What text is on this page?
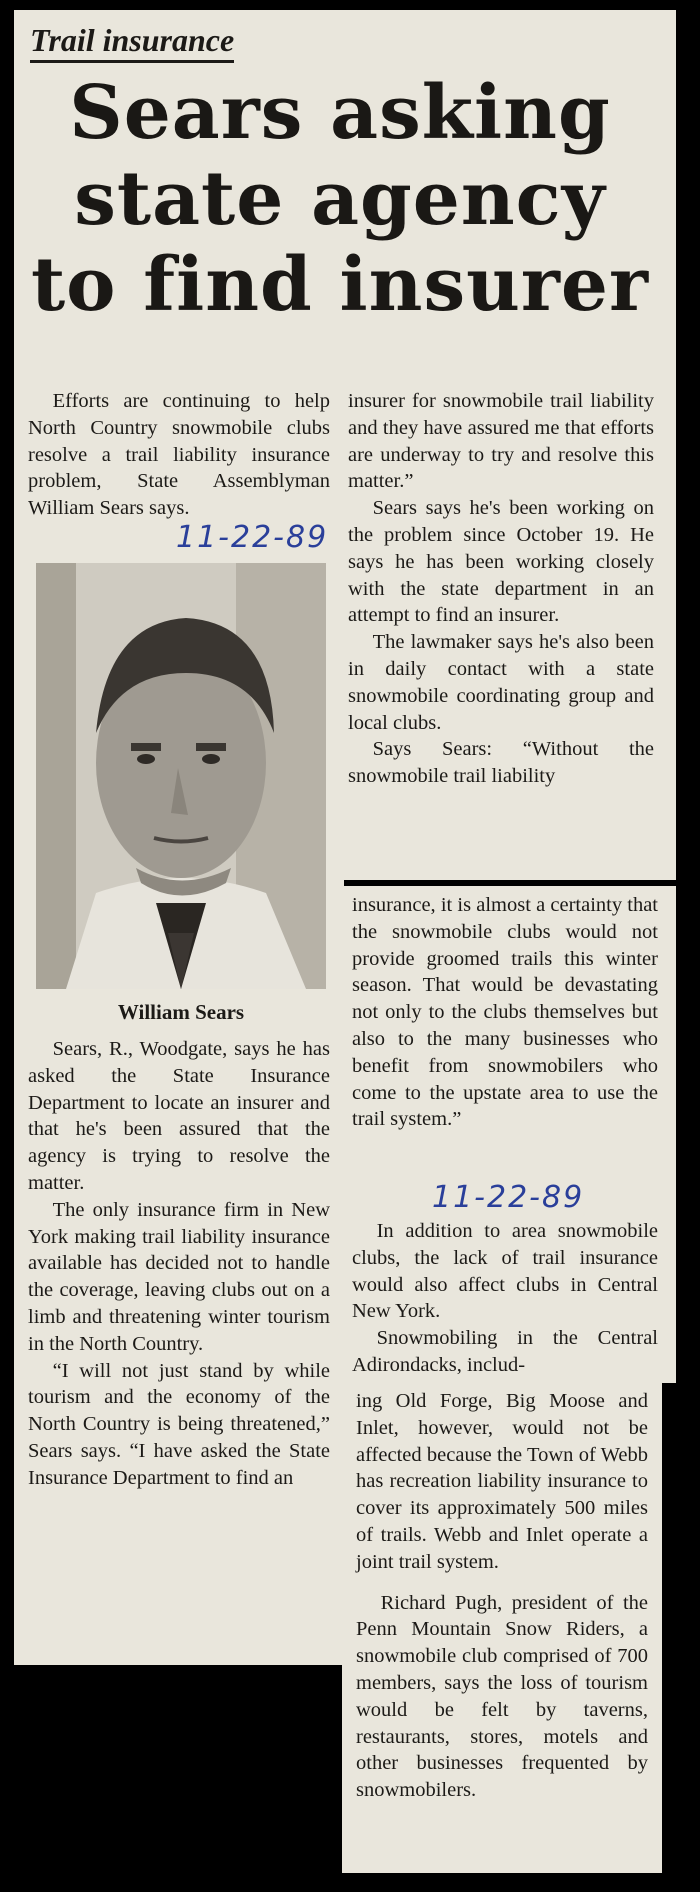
Trail insurance
Sears asking
state agency
to find insurer

Efforts are continuing to help North Country snowmobile clubs resolve a trail liability insurance problem, State Assemblyman William Sears says.

11-22-89
William Sears

Sears, R., Woodgate, says he has asked the State Insurance Department to locate an insurer and that he's been assured that the agency is trying to resolve the matter.

The only insurance firm in New York making trail liability insurance available has decided not to handle the coverage, leaving clubs out on a limb and threatening winter tourism in the North Country.

“I will not just stand by while tourism and the economy of the North Country is being threatened,” Sears says. “I have asked the State Insurance Department to find an

insurer for snowmobile trail liability and they have assured me that efforts are underway to try and resolve this matter.”

Sears says he's been working on the problem since October 19. He says he has been working closely with the state department in an attempt to find an insurer.

The lawmaker says he's also been in daily contact with a state snowmobile coordinating group and local clubs.

Says Sears: “Without the snowmobile trail liability

insurance, it is almost a certainty that the snowmobile clubs would not provide groomed trails this winter season. That would be devastating not only to the clubs themselves but also to the many businesses who benefit from snowmobilers who come to the upstate area to use the trail system.”

11-22-89

In addition to area snowmobile clubs, the lack of trail insurance would also affect clubs in Central New York.

Snowmobiling in the Central Adirondacks, includ-

ing Old Forge, Big Moose and Inlet, however, would not be affected because the Town of Webb has recreation liability insurance to cover its approximately 500 miles of trails. Webb and Inlet operate a joint trail system.

Richard Pugh, president of the Penn Mountain Snow Riders, a snowmobile club comprised of 700 members, says the loss of tourism would be felt by taverns, restaurants, stores, motels and other businesses frequented by snowmobilers.
